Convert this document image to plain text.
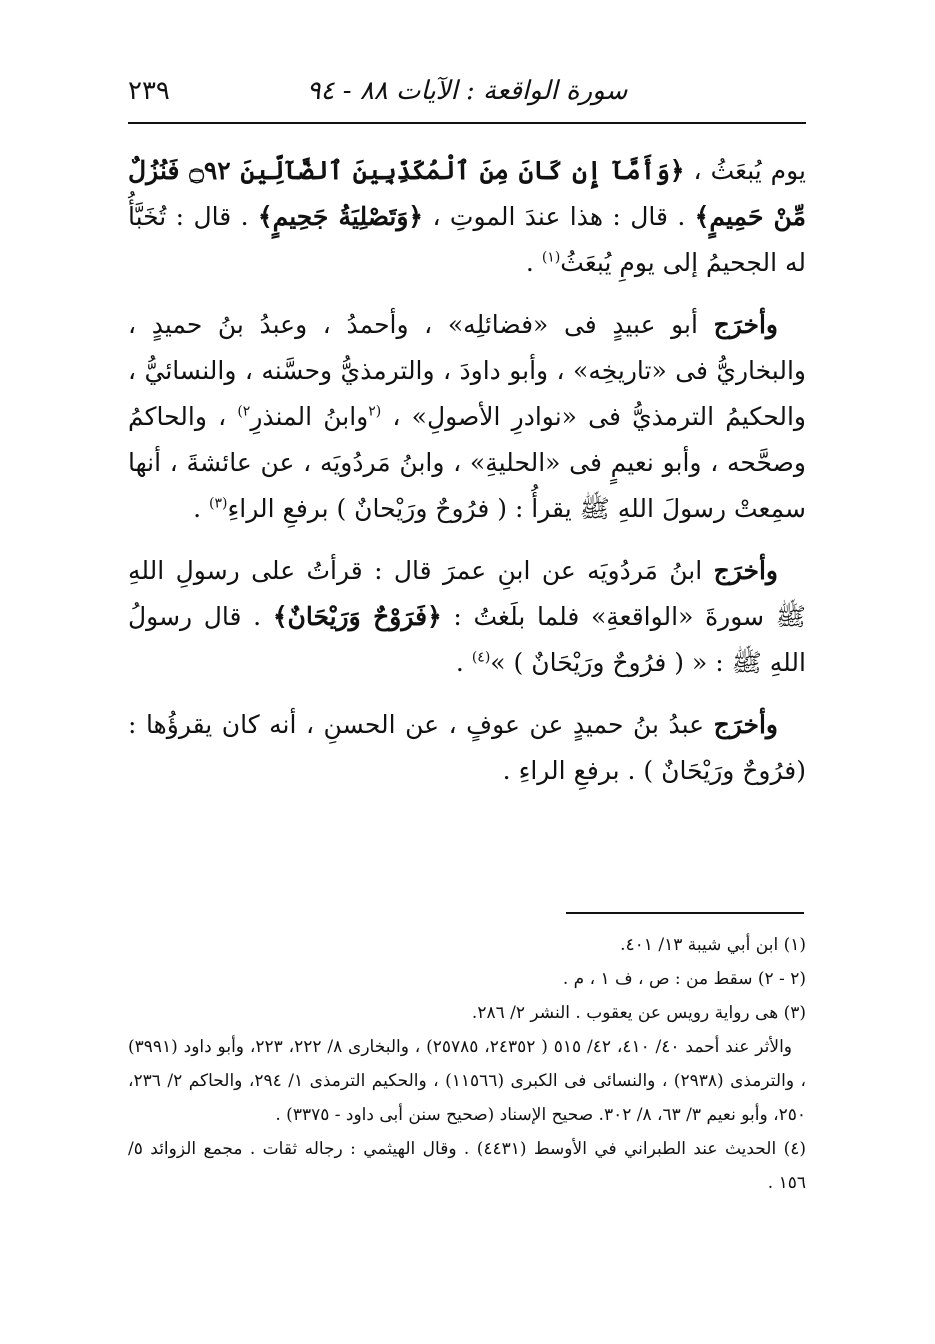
سورة الواقعة : الآيات ٨٨ - ٩٤
٢٣٩

يوم يُبعَثُ ، ﴿وَأَمَّآ إِن كَانَ مِنَ ٱلْمُكَذِّبِينَ ٱلضَّآلِّينَ ۝٩٢ فَنُزُلٌ مِّنْ حَمِيمٍ﴾ . قال : هذا عندَ الموتِ ، ﴿وَتَصْلِيَةُ جَحِيمٍ﴾ . قال : تُخَبَّأُ له الجحيمُ إلى يومِ يُبعَثُ$^{(١)}$ .

وأخرَج أبو عبيدٍ فى «فضائلِه» ، وأحمدُ ، وعبدُ بنُ حميدٍ ، والبخاريُّ فى «تاريخِه» ، وأبو داودَ ، والترمذيُّ وحسَّنه ، والنسائيُّ ، والحكيمُ الترمذيُّ فى «نوادرِ الأصولِ» ، $^{(٢}$وابنُ المنذرِ$^{٢)}$ ، والحاكمُ وصحَّحه ، وأبو نعيمٍ فى «الحليةِ» ، وابنُ مَردُويَه ، عن عائشةَ ، أنها سمِعتْ رسولَ اللهِ ﷺ يقرأُ : ( فرُوحٌ ورَيْحانٌ ) برفعِ الراءِ$^{(٣)}$ .

وأخرَج ابنُ مَردُويَه عن ابنِ عمرَ قال : قرأتُ على رسولِ اللهِ ﷺ سورةَ «الواقعةِ» فلما بلَغتُ : ﴿فَرَوْحٌ وَرَيْحَانٌ﴾ . قال رسولُ اللهِ ﷺ : « ( فرُوحٌ ورَيْحَانٌ ) »$^{(٤)}$ .

وأخرَج عبدُ بنُ حميدٍ عن عوفٍ ، عن الحسنِ ، أنه كان يقرؤُها : (فرُوحٌ ورَيْحَانٌ ) . برفعِ الراءِ .

(١) ابن أبي شيبة ١٣/ ٤٠١.
(٢ - ٢) سقط من : ص ، ف ١ ، م .
(٣) هى رواية رويس عن يعقوب . النشر ٢/ ٢٨٦.
والأثر عند أحمد ٤٠/ ٤١٠، ٤٢/ ٥١٥ ( ٢٤٣٥٢، ٢٥٧٨٥) ، والبخارى ٨/ ٢٢٢، ٢٢٣، وأبو داود (٣٩٩١) ، والترمذى (٢٩٣٨) ، والنسائى فى الكبرى (١١٥٦٦) ، والحكيم الترمذى ١/ ٢٩٤، والحاكم ٢/ ٢٣٦، ٢٥٠، وأبو نعيم ٣/ ٦٣، ٨/ ٣٠٢. صحيح الإسناد (صحيح سنن أبى داود - ٣٣٧٥) .
(٤) الحديث عند الطبراني في الأوسط (٤٤٣١) . وقال الهيثمي : رجاله ثقات . مجمع الزوائد ٥/ ١٥٦ .
